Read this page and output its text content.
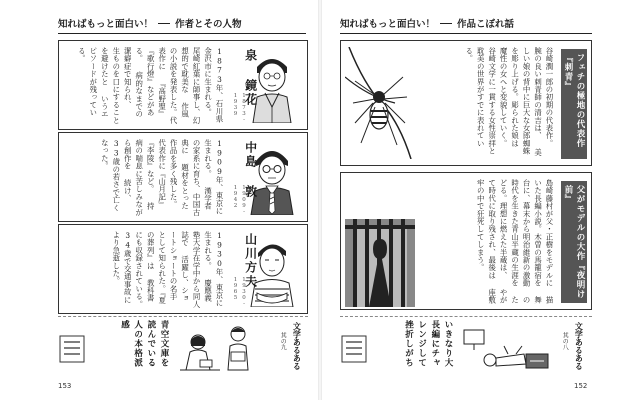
知ればもっと面白い！ 作者とその人物
泉 鏡花
1873-1939
1873年、石川県金沢市に生まれる。 尾崎紅葉に師事し、幻想的で耽美な 作風の小説を発表した。代表作に 『高野聖』『歌行燈』などがある。 病的なまでの潔癖症で知られ、 生ものを口にすることを避けたと いうエピソードが残っている。
中島 敦
1909-1942
1909年、東京に生まれる。 漢学者の家系に育ち、中国古典に 題材をとった作品を多く残した。 代表作に『山月記』『李陵』など。 持病の喘息に苦しみながら創作を 続け、33歳の若さで亡くなった。
山川方夫
1930-1965
1930年、東京に生まれる。 慶應義塾大学在学中から同人誌で 活躍し、ショートショートの名手 として知られた。『夏の葬列』は 教科書にも収録されている。 34歳で交通事故により急逝した。
文学あるある
其の九
青空文庫を読んでいる人の本格派感
153
知ればもっと面白い！ 作品こぼれ話
フェチの極地の代表作『刺青』
谷崎潤一郎の初期の代表作。 腕の良い刺青師の清吉は、 美しい娘の背中に巨大な女郎蜘蛛 を彫り上げる。彫られた娘は 魔性の女へと変貌していく。 谷崎文学に一貫する女性崇拝と 耽美の世界がすでに表れている。
父がモデルの大作『夜明け前』
島崎藤村が父・正樹をモデルに 描いた長編小説。木曽の馬籠宿を 舞台に、幕末から明治維新の激動 の時代を生きた青山半蔵の生涯を たどる。理想に燃えた半蔵は、 やがて時代に取り残され、最後は 座敷牢の中で狂死してしまう。
文学あるある
其の八
いきなり大長編にチャレンジして挫折しがち
152
